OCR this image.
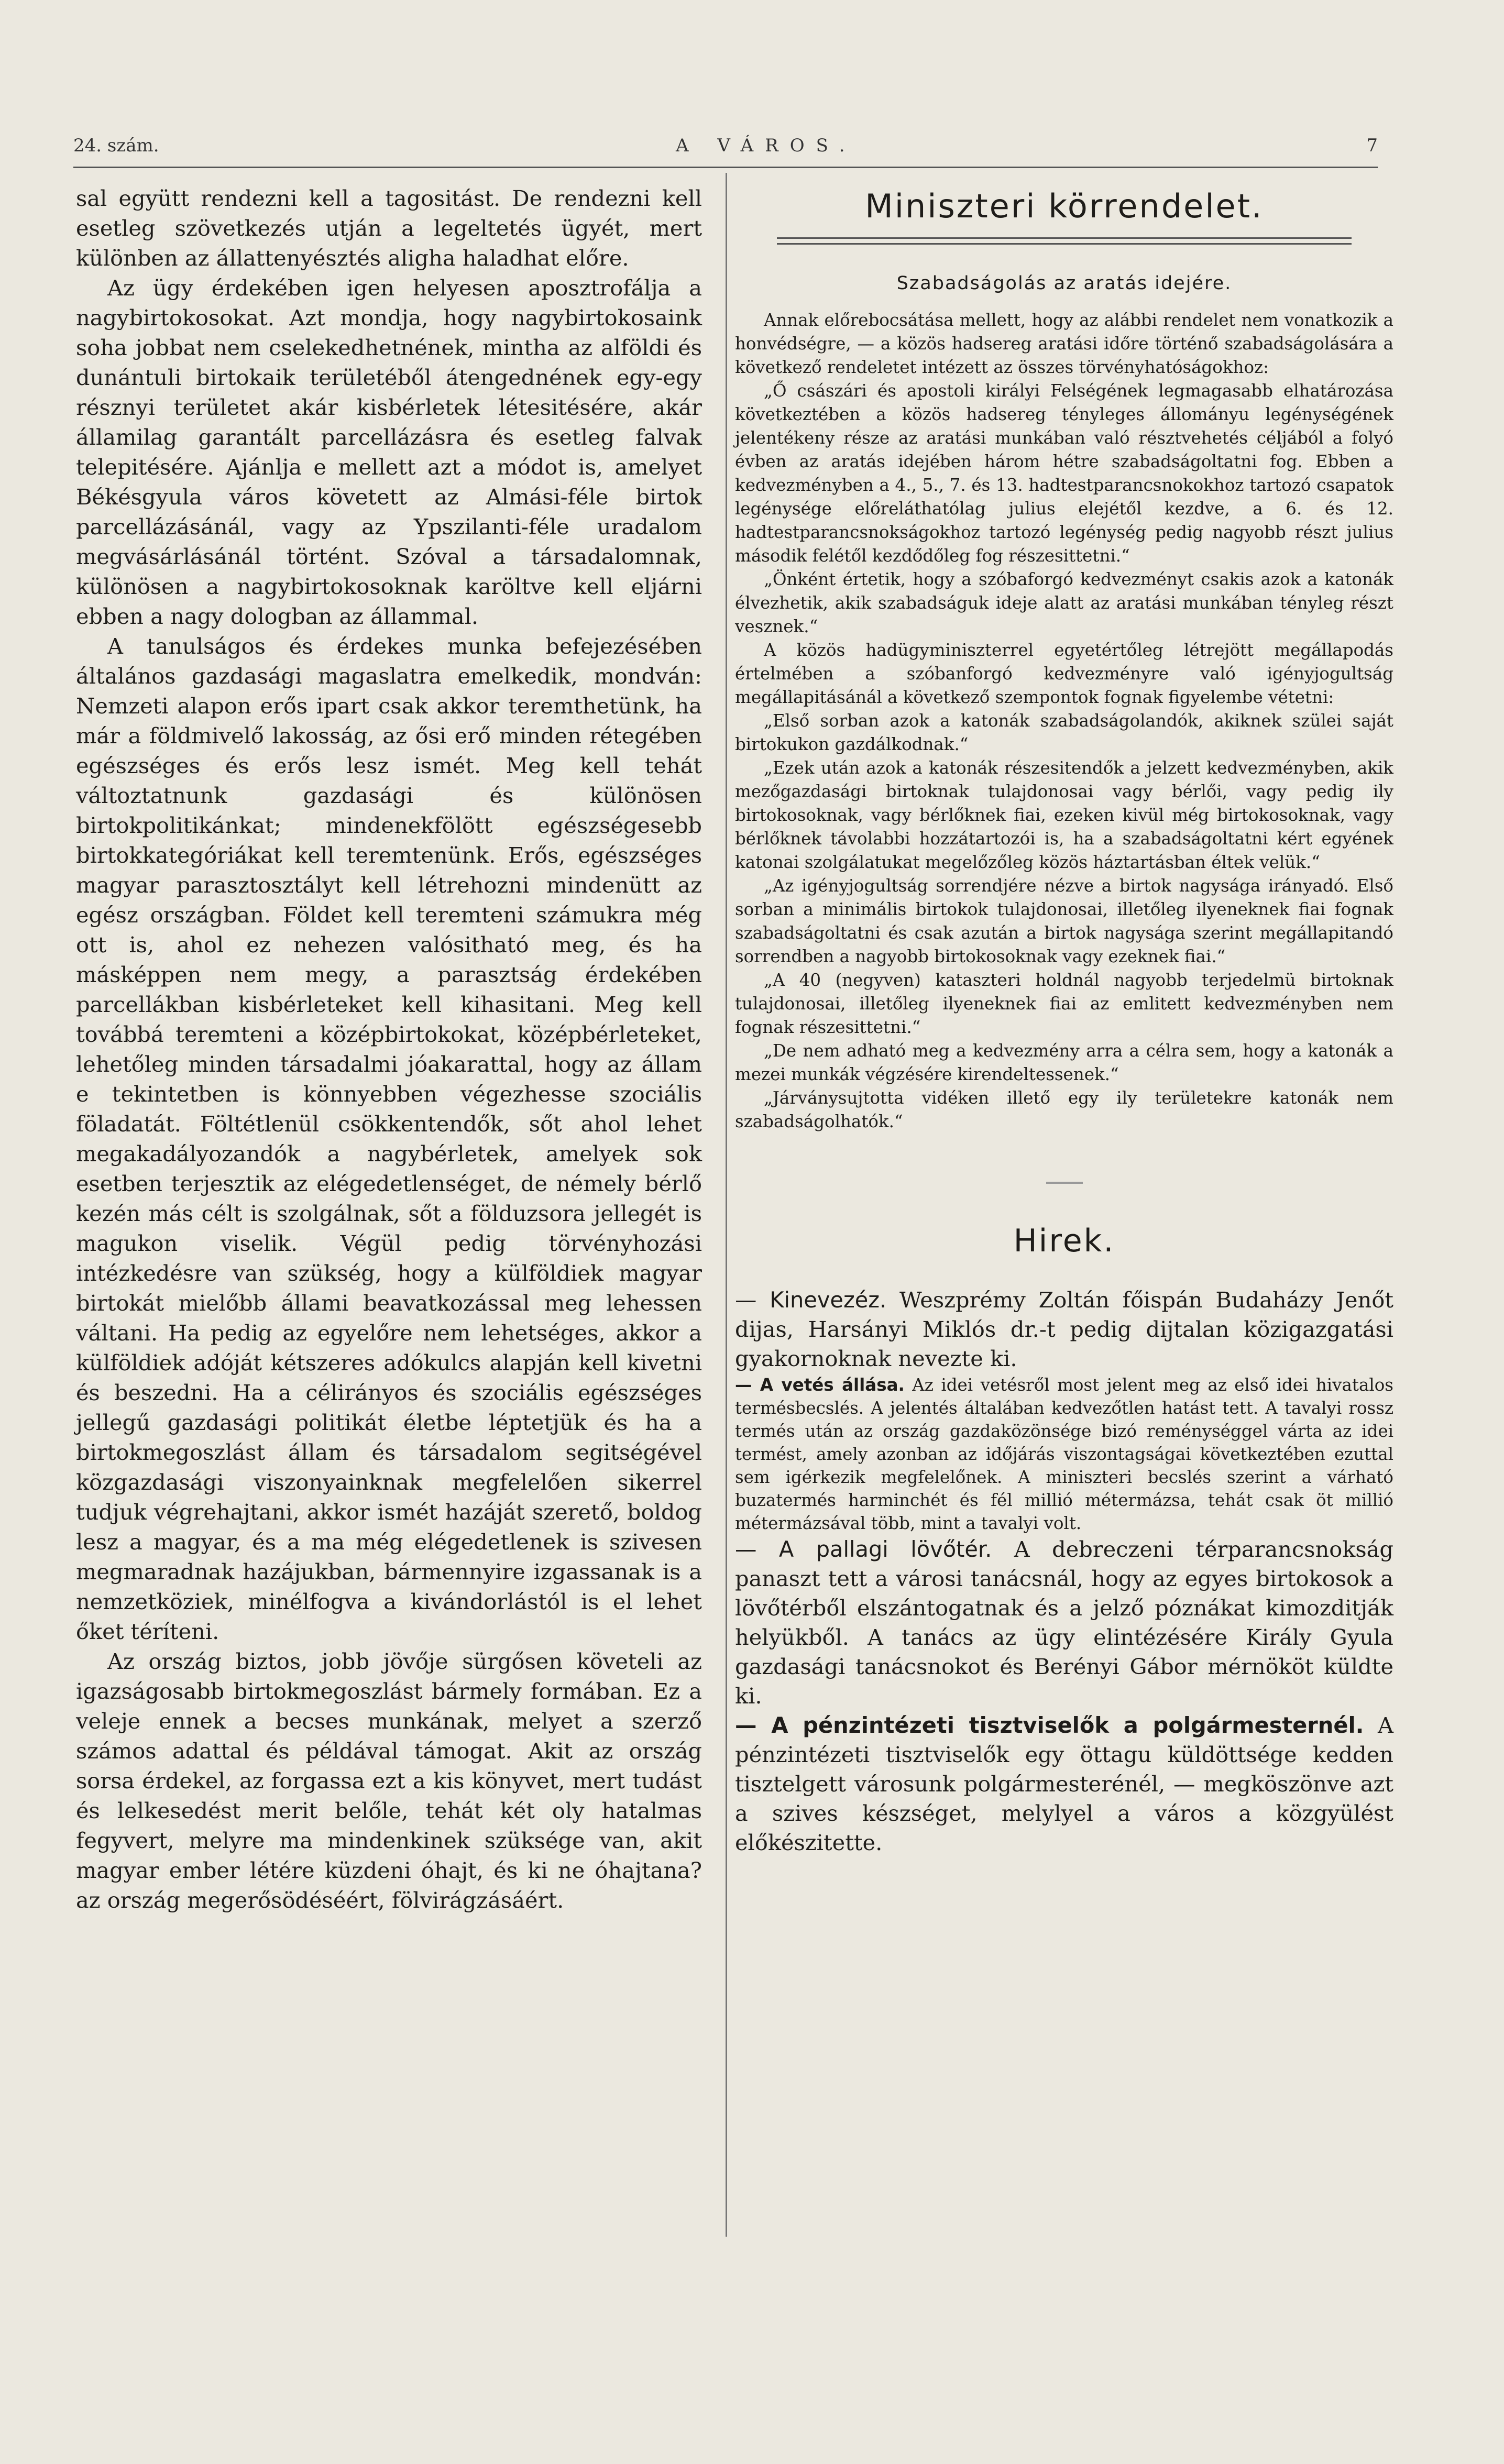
24. szám.	A VÁROS.	7

sal együtt rendezni kell a tagositást. De rendezni kell esetleg szövetkezés utján a legeltetés ügyét, mert különben az állattenyésztés aligha haladhat előre.

Az ügy érdekében igen helyesen aposztrofálja a nagybirtokosokat. Azt mondja, hogy nagybirtokosaink soha jobbat nem cselekedhetnének, mintha az alföldi és dunántuli birtokaik területéből átengednének egy-egy résznyi területet akár kisbérletek létesitésére, akár államilag garantált parcellázásra és esetleg falvak telepitésére. Ajánlja e mellett azt a módot is, amelyet Békésgyula város követett az Almási-féle birtok parcellázásánál, vagy az Ypszilanti-féle uradalom megvásárlásánál történt. Szóval a társadalomnak, különösen a nagybirtokosoknak karöltve kell eljárni ebben a nagy dologban az állammal.

A tanulságos és érdekes munka befejezésében általános gazdasági magaslatra emelkedik, mondván: Nemzeti alapon erős ipart csak akkor teremthetünk, ha már a földmivelő lakosság, az ősi erő minden rétegében egészséges és erős lesz ismét. Meg kell tehát változtatnunk gazdasági és különösen birtokpolitikánkat; mindenekfölött egészségesebb birtokkategóriákat kell teremtenünk. Erős, egészséges magyar parasztosztályt kell létrehozni mindenütt az egész országban. Földet kell teremteni számukra még ott is, ahol ez nehezen valósitható meg, és ha másképpen nem megy, a parasztság érdekében parcellákban kisbérleteket kell kihasitani. Meg kell továbbá teremteni a középbirtokokat, középbérleteket, lehetőleg minden társadalmi jóakarattal, hogy az állam e tekintetben is könnyebben végezhesse szociális föladatát. Föltétlenül csökkentendők, sőt ahol lehet megakadályozandók a nagybérletek, amelyek sok esetben terjesztik az elégedetlenséget, de némely bérlő kezén más célt is szolgálnak, sőt a földuzsora jellegét is magukon viselik. Végül pedig törvényhozási intézkedésre van szükség, hogy a külföldiek magyar birtokát mielőbb állami beavatkozással meg lehessen váltani. Ha pedig az egyelőre nem lehetséges, akkor a külföldiek adóját kétszeres adókulcs alapján kell kivetni és beszedni. Ha a célirányos és szociális egészséges jellegű gazdasági politikát életbe léptetjük és ha a birtokmegoszlást állam és társadalom segitségével közgazdasági viszonyainknak megfelelően sikerrel tudjuk végrehajtani, akkor ismét hazáját szerető, boldog lesz a magyar, és a ma még elégedetlenek is szivesen megmaradnak hazájukban, bármennyire izgassanak is a nemzetköziek, minélfogva a kivándorlástól is el lehet őket téríteni.

Az ország biztos, jobb jövője sürgősen követeli az igazságosabb birtokmegoszlást bármely formában. Ez a veleje ennek a becses munkának, melyet a szerző számos adattal és példával támogat. Akit az ország sorsa érdekel, az forgassa ezt a kis könyvet, mert tudást és lelkesedést merit belőle, tehát két oly hatalmas fegyvert, melyre ma mindenkinek szüksége van, akit magyar ember létére küzdeni óhajt, és ki ne óhajtana? az ország megerősödéséért, fölvirágzásáért.

Miniszteri körrendelet.
Szabadságolás az aratás idejére.

Annak előrebocsátása mellett, hogy az alábbi rendelet nem vonatkozik a honvédségre, — a közös hadsereg aratási időre történő szabadságolására a következő rendeletet intézett az összes törvényhatóságokhoz:

„Ő császári és apostoli királyi Felségének legmagasabb elhatározása következtében a közös hadsereg tényleges állományu legénységének jelentékeny része az aratási munkában való résztvehetés céljából a folyó évben az aratás idejében három hétre szabadságoltatni fog. Ebben a kedvezményben a 4., 5., 7. és 13. hadtestparancsnokokhoz tartozó csapatok legénysége előreláthatólag julius elejétől kezdve, a 6. és 12. hadtestparancsnokságokhoz tartozó legénység pedig nagyobb részt julius második felétől kezdődőleg fog részesittetni.“

„Önként értetik, hogy a szóbaforgó kedvezményt csakis azok a katonák élvezhetik, akik szabadságuk ideje alatt az aratási munkában tényleg részt vesznek.“

A közös hadügyminiszterrel egyetértőleg létrejött megállapodás értelmében a szóbanforgó kedvezményre való igényjogultság megállapitásánál a következő szempontok fognak figyelembe vétetni:

„Első sorban azok a katonák szabadságolandók, akiknek szülei saját birtokukon gazdálkodnak.“

„Ezek után azok a katonák részesitendők a jelzett kedvezményben, akik mezőgazdasági birtoknak tulajdonosai vagy bérlői, vagy pedig ily birtokosoknak, vagy bérlőknek fiai, ezeken kivül még birtokosoknak, vagy bérlőknek távolabbi hozzátartozói is, ha a szabadságoltatni kért egyének katonai szolgálatukat megelőzőleg közös háztartásban éltek velük.“

„Az igényjogultság sorrendjére nézve a birtok nagysága irányadó. Első sorban a minimális birtokok tulajdonosai, illetőleg ilyeneknek fiai fognak szabadságoltatni és csak azután a birtok nagysága szerint megállapitandó sorrendben a nagyobb birtokosoknak vagy ezeknek fiai.“

„A 40 (negyven) kataszteri holdnál nagyobb terjedelmü birtoknak tulajdonosai, illetőleg ilyeneknek fiai az emlitett kedvezményben nem fognak részesittetni.“

„De nem adható meg a kedvezmény arra a célra sem, hogy a katonák a mezei munkák végzésére kirendeltessenek.“

„Járványsujtotta vidéken illető egy ily területekre katonák nem szabadságolhatók.“

Hirek.

— Kinevezéz. Weszprémy Zoltán főispán Budaházy Jenőt dijas, Harsányi Miklós dr.-t pedig dijtalan közigazgatási gyakornoknak nevezte ki.

— A vetés állása. Az idei vetésről most jelent meg az első idei hivatalos termésbecslés. A jelentés általában kedvezőtlen hatást tett. A tavalyi rossz termés után az ország gazdaközönsége bizó reménységgel várta az idei termést, amely azonban az időjárás viszontagságai következtében ezuttal sem igérkezik megfelelőnek. A miniszteri becslés szerint a várható buzatermés harminchét és fél millió métermázsa, tehát csak öt millió métermázsával több, mint a tavalyi volt.

— A pallagi lövőtér. A debreczeni térparancsnokság panaszt tett a városi tanácsnál, hogy az egyes birtokosok a lövőtérből elszántogatnak és a jelző póznákat kimozditják helyükből. A tanács az ügy elintézésére Király Gyula gazdasági tanácsnokot és Berényi Gábor mérnököt küldte ki.

— A pénzintézeti tisztviselők a polgármesternél. A pénzintézeti tisztviselők egy öttagu küldöttsége kedden tisztelgett városunk polgármesterénél, — megköszönve azt a szives készséget, melylyel a város a közgyülést előkészitette.
